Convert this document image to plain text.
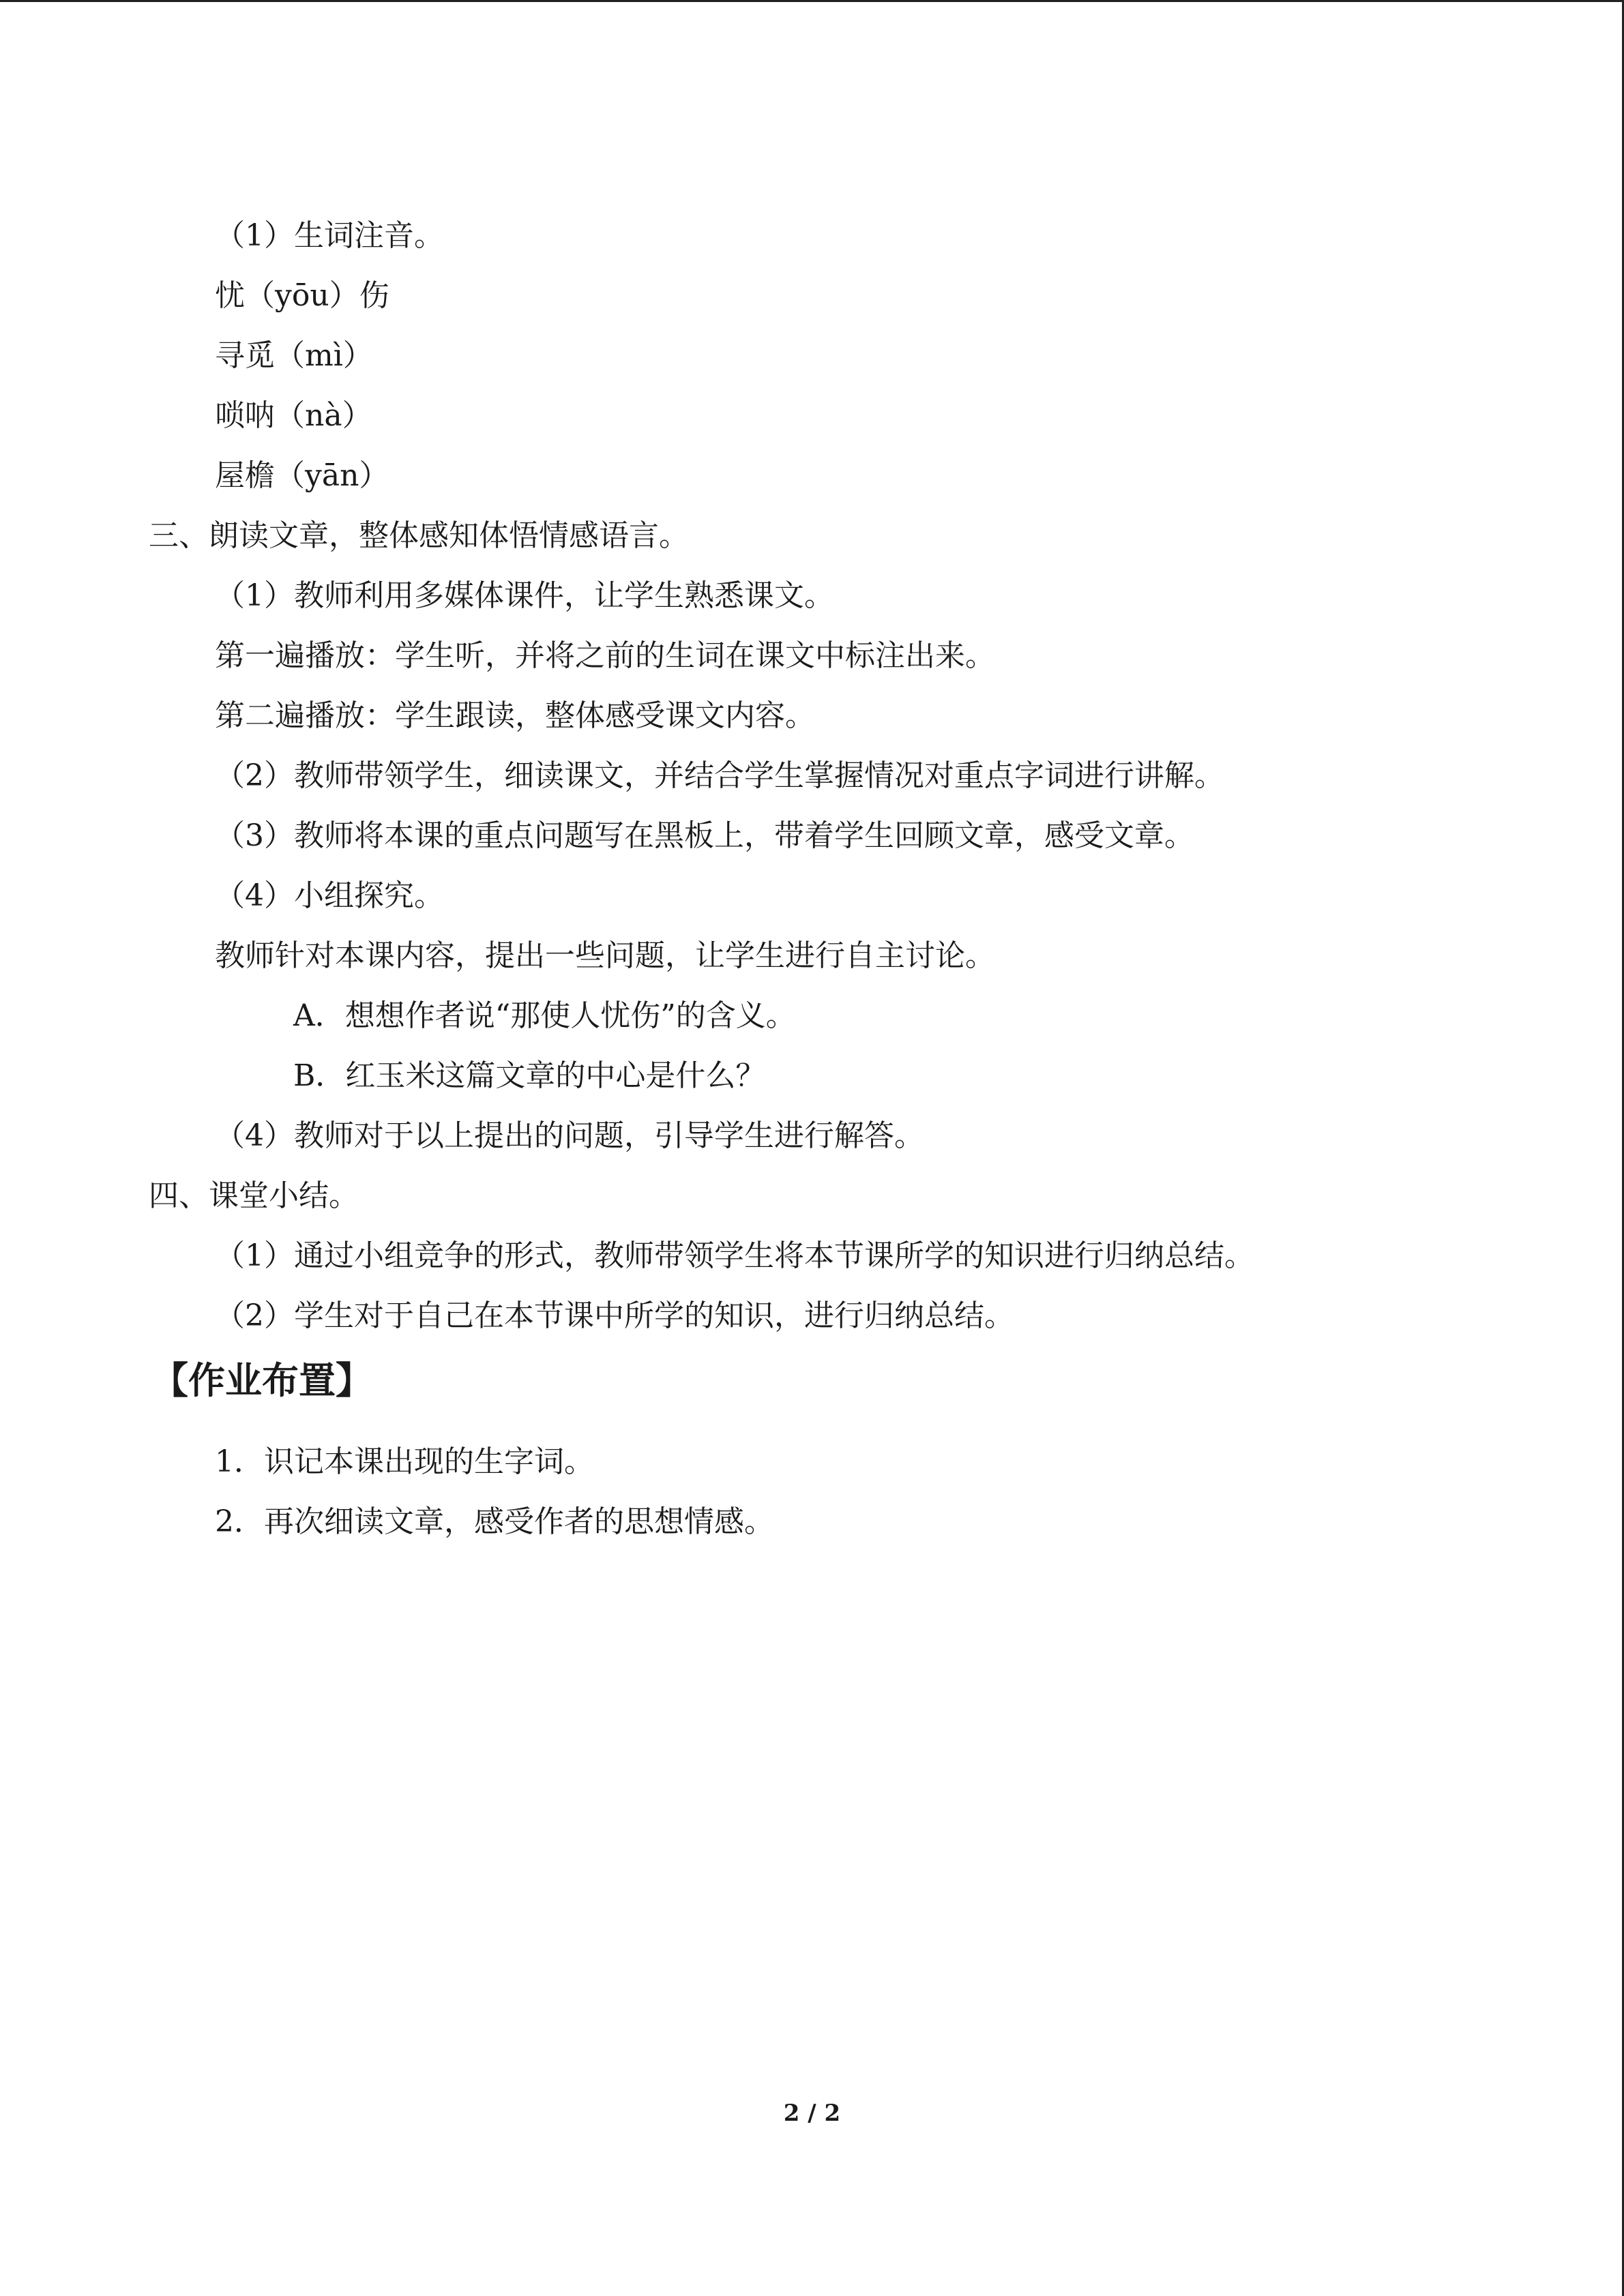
（1）生词注音。
忧（yōu）伤
寻觅（mì）
唢呐（nà）
屋檐（yān）
三、朗读文章，整体感知体悟情感语言。
（1）教师利用多媒体课件，让学生熟悉课文。
第一遍播放：学生听，并将之前的生词在课文中标注出来。
第二遍播放：学生跟读，整体感受课文内容。
（2）教师带领学生，细读课文，并结合学生掌握情况对重点字词进行讲解。
（3）教师将本课的重点问题写在黑板上，带着学生回顾文章，感受文章。
（4）小组探究。
教师针对本课内容，提出一些问题，让学生进行自主讨论。
A．想想作者说“那使人忧伤”的含义。
B．红玉米这篇文章的中心是什么？
（4）教师对于以上提出的问题，引导学生进行解答。
四、课堂小结。
（1）通过小组竞争的形式，教师带领学生将本节课所学的知识进行归纳总结。
（2）学生对于自己在本节课中所学的知识，进行归纳总结。
【作业布置】
1．识记本课出现的生字词。
2．再次细读文章，感受作者的思想情感。
2 / 2
